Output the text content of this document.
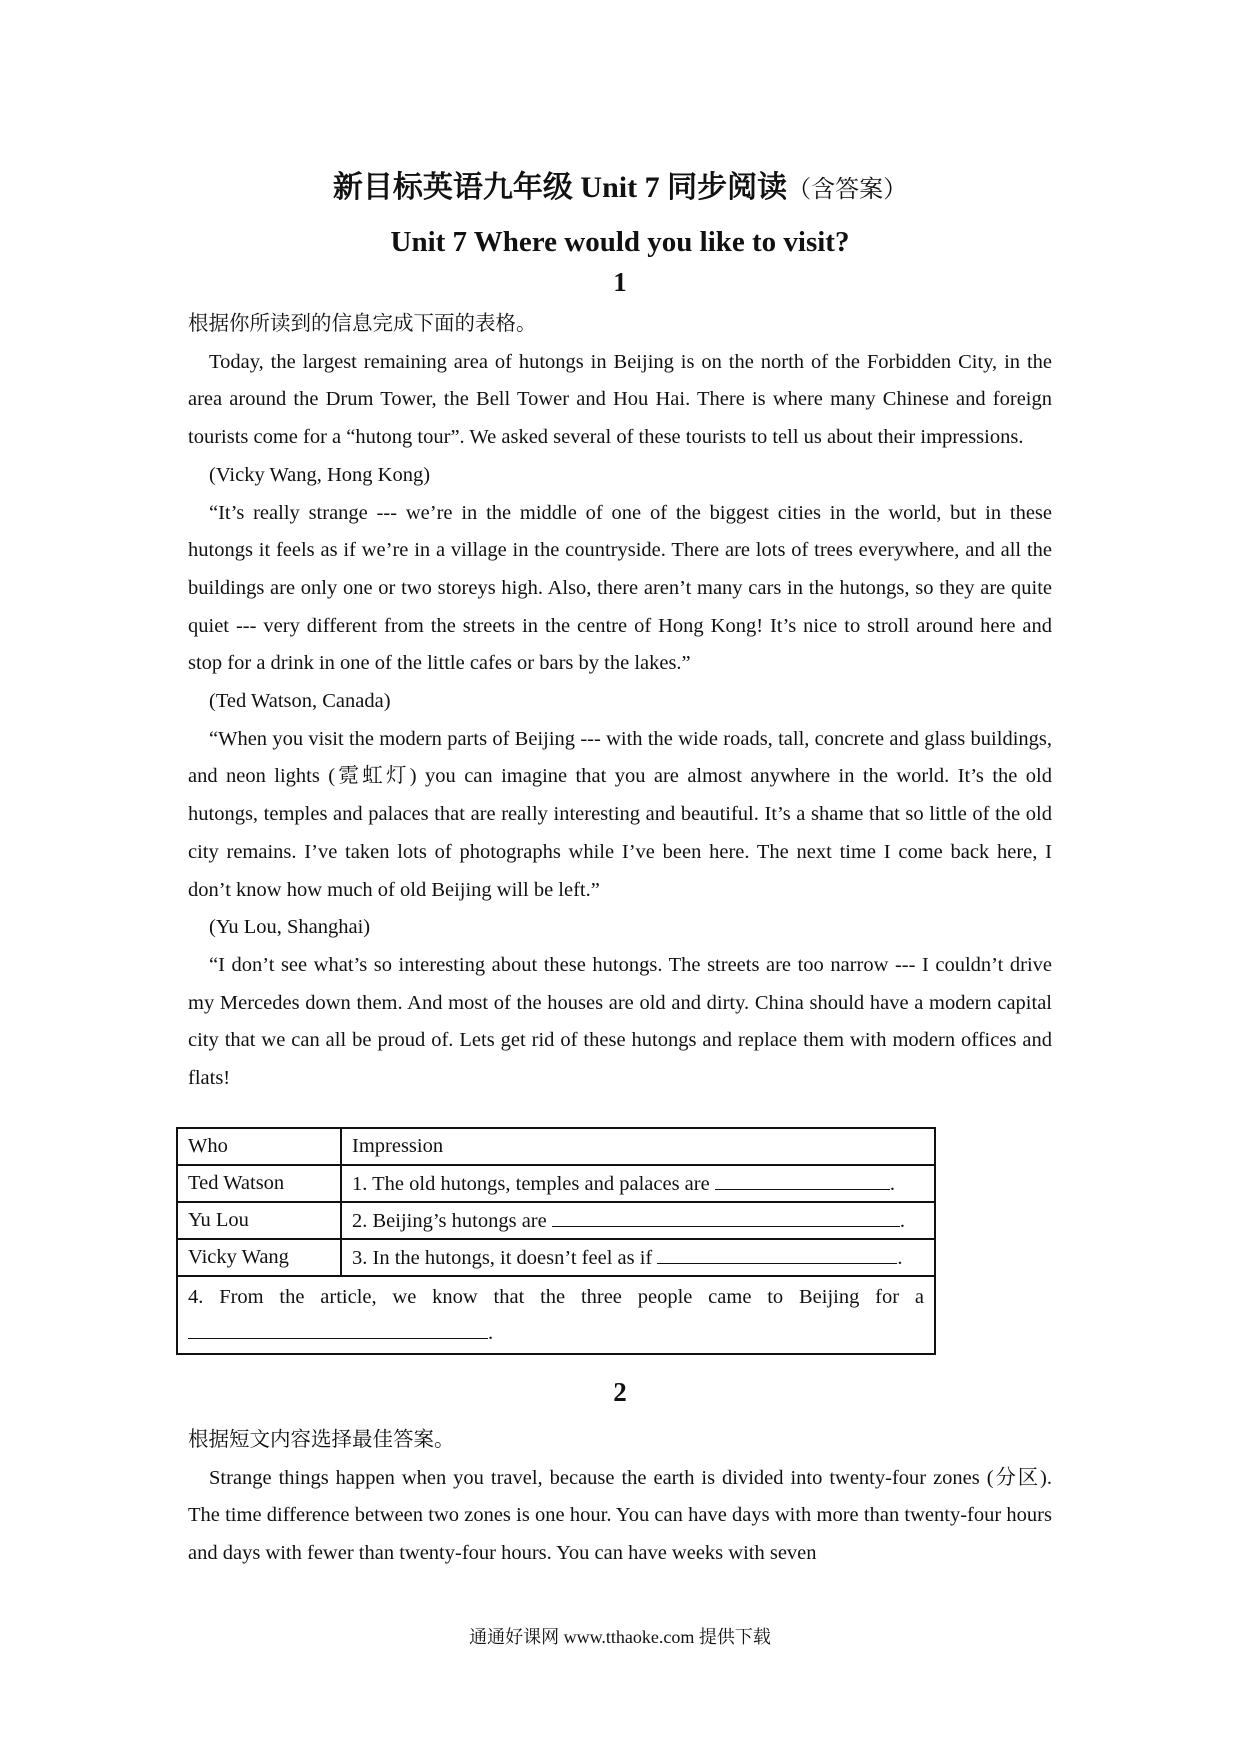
新目标英语九年级 Unit 7 同步阅读（含答案）
Unit 7 Where would you like to visit?
1

根据你所读到的信息完成下面的表格。

Today, the largest remaining area of hutongs in Beijing is on the north of the Forbidden City, in the area around the Drum Tower, the Bell Tower and Hou Hai. There is where many Chinese and foreign tourists come for a “hutong tour”. We asked several of these tourists to tell us about their impressions.

(Vicky Wang, Hong Kong)

“It’s really strange --- we’re in the middle of one of the biggest cities in the world, but in these hutongs it feels as if we’re in a village in the countryside. There are lots of trees everywhere, and all the buildings are only one or two storeys high. Also, there aren’t many cars in the hutongs, so they are quite quiet --- very different from the streets in the centre of Hong Kong! It’s nice to stroll around here and stop for a drink in one of the little cafes or bars by the lakes.”

(Ted Watson, Canada)

“When you visit the modern parts of Beijing --- with the wide roads, tall, concrete and glass buildings, and neon lights (霓虹灯) you can imagine that you are almost anywhere in the world. It’s the old hutongs, temples and palaces that are really interesting and beautiful. It’s a shame that so little of the old city remains. I’ve taken lots of photographs while I’ve been here. The next time I come back here, I don’t know how much of old Beijing will be left.”

(Yu Lou, Shanghai)

“I don’t see what’s so interesting about these hutongs. The streets are too narrow --- I couldn’t drive my Mercedes down them. And most of the houses are old and dirty. China should have a modern capital city that we can all be proud of. Lets get rid of these hutongs and replace them with modern offices and flats!

Who	Impression
Ted Watson	1. The old hutongs, temples and palaces are .
Yu Lou	2. Beijing’s hutongs are .
Vicky Wang	3. In the hutongs, it doesn’t feel as if .
4. From the article, we know that the three people came to Beijing for a .	
2

根据短文内容选择最佳答案。

Strange things happen when you travel, because the earth is divided into twenty-four zones (分区). The time difference between two zones is one hour. You can have days with more than twenty-four hours and days with fewer than twenty-four hours. You can have weeks with seven

通通好课网 www.tthaoke.com 提供下载
